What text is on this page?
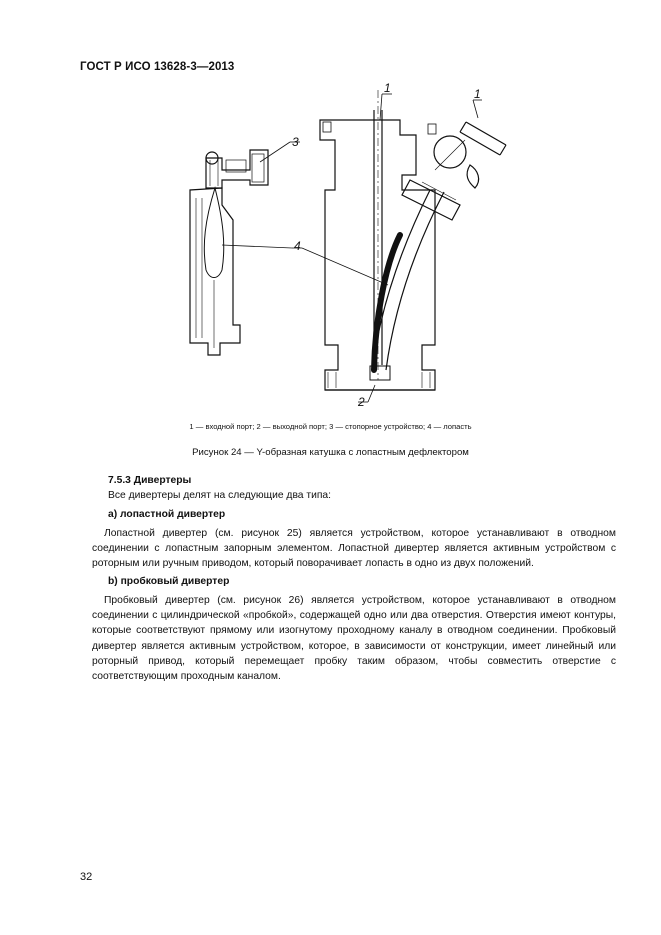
ГОСТ Р ИСО 13628-3—2013
1	1
2
3
4
1 — входной порт; 2 — выходной порт; 3 — стопорное устройство; 4 — лопасть
Рисунок 24 — Y-образная катушка с лопастным дефлектором
7.5.3 Дивертеры
Все дивертеры делят на следующие два типа:
a) лопастной дивертер
Лопастной дивертер (см. рисунок 25) является устройством, которое устанавливают в отводном соединении с лопастным запорным элементом. Лопастной дивертер является активным устройством с роторным или ручным приводом, который поворачивает лопасть в одно из двух положений.
b) пробковый дивертер
Пробковый дивертер (см. рисунок 26) является устройством, которое устанавливают в отводном соединении с цилиндрической «пробкой», содержащей одно или два отверстия. Отверстия имеют контуры, которые соответствуют прямому или изогнутому проходному каналу в отводном соединении. Пробковый дивертер является активным устройством, которое, в зависимости от конструкции, имеет линейный или роторный привод, который перемещает пробку таким образом, чтобы совместить отверстие с соответствующим проходным каналом.
32
